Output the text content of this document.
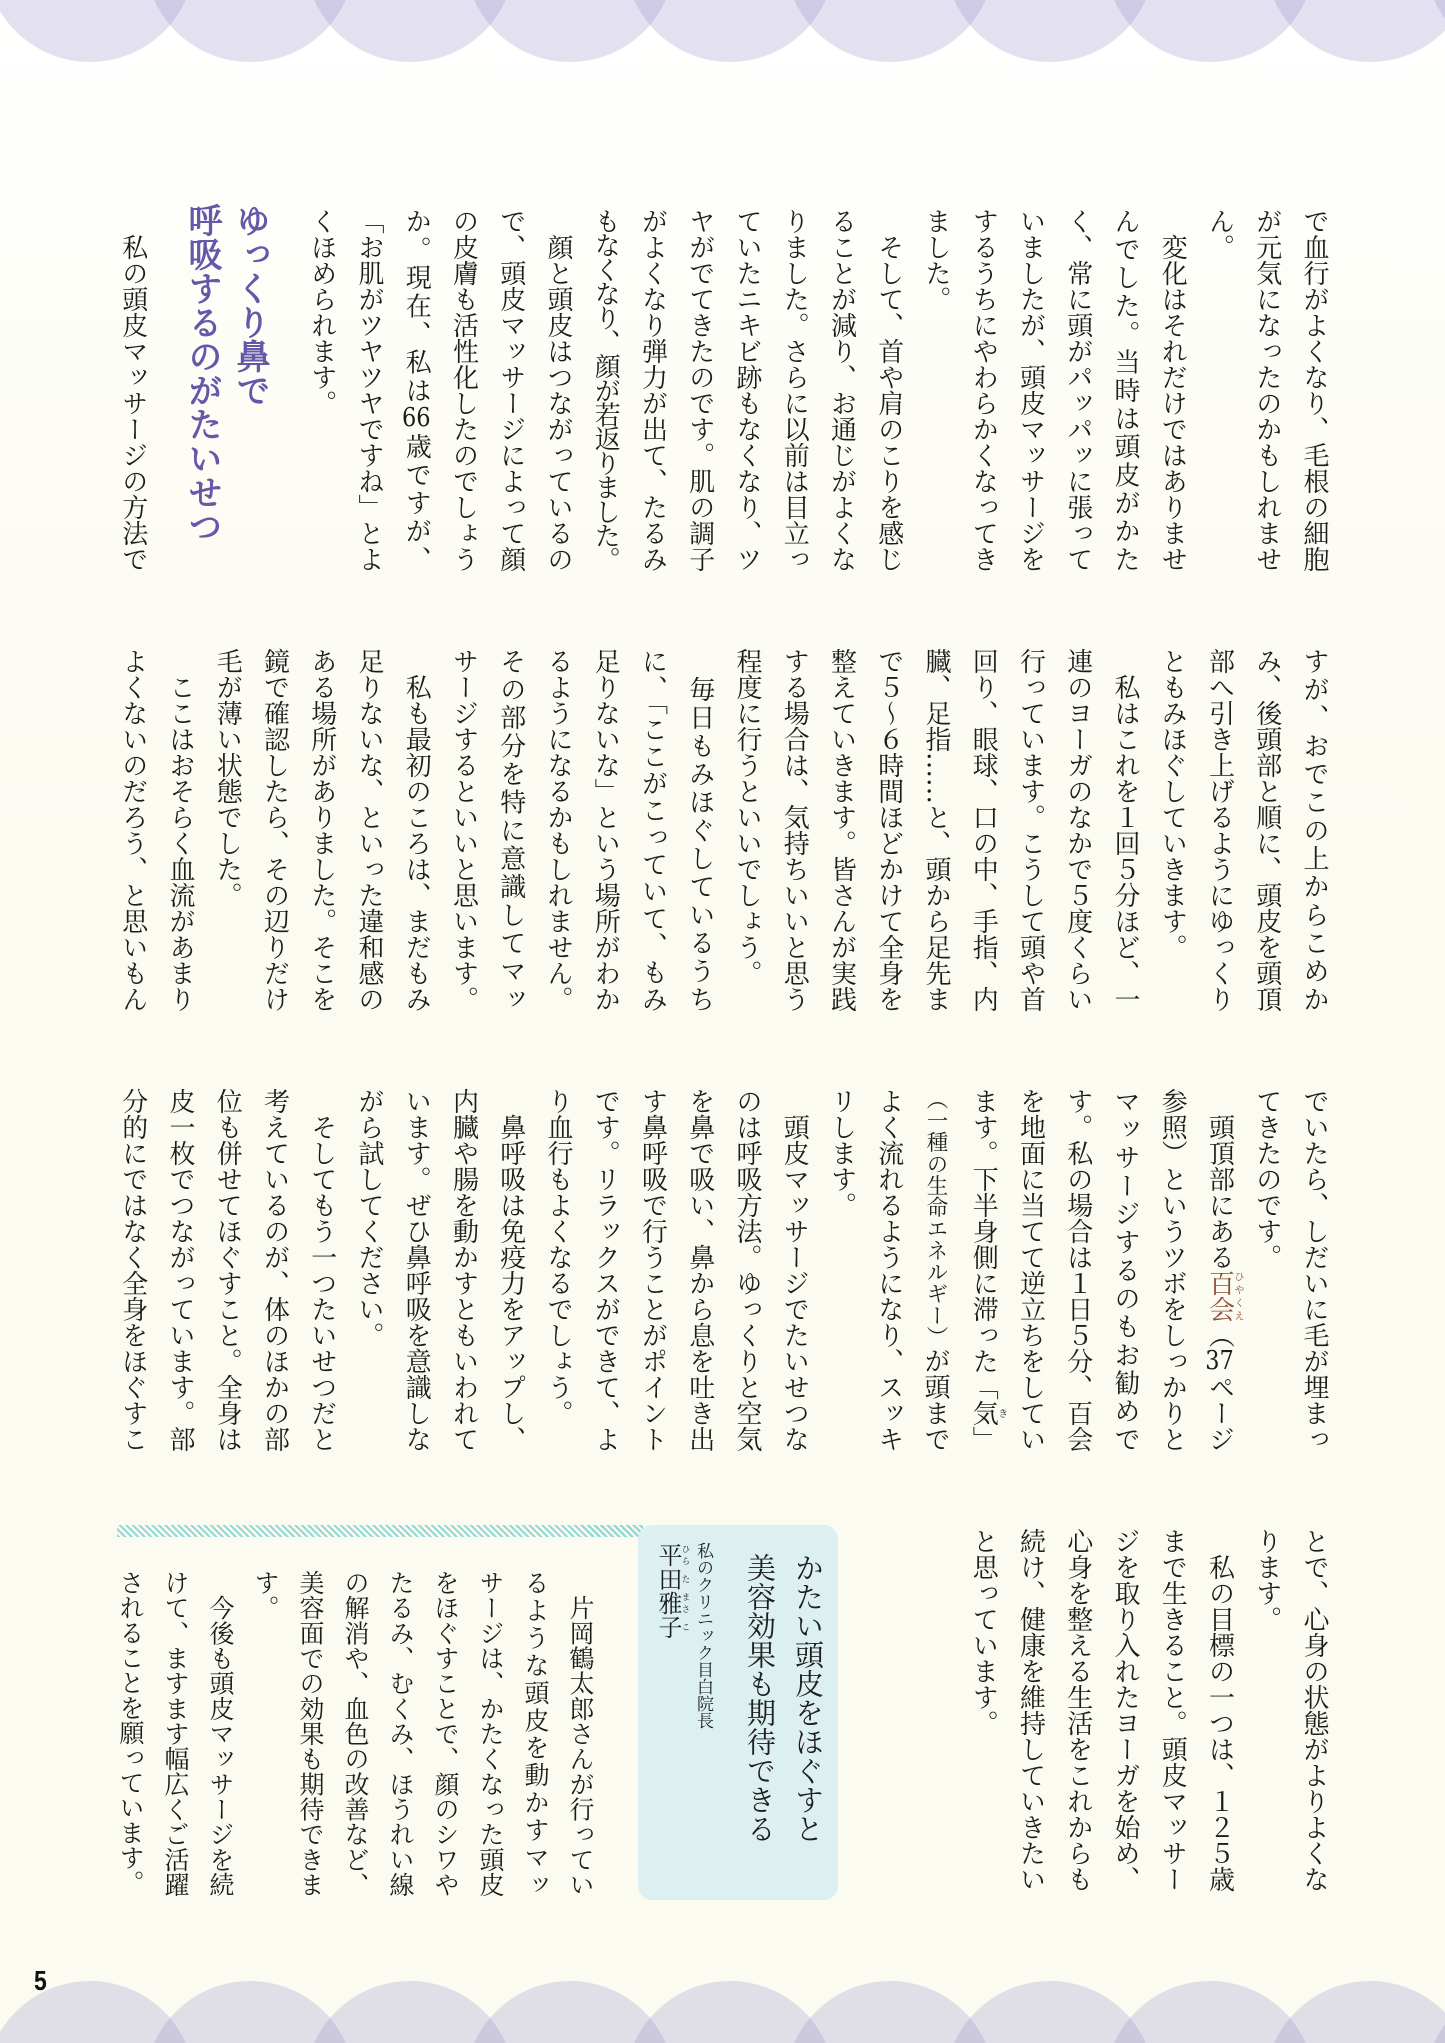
で血行がよくなり、毛根の細胞
が元気になったのかもしれませ
ん。
　変化はそれだけではありませ
んでした。当時は頭皮がかた
く、常に頭がパッパッに張って
いましたが、頭皮マッサージを
するうちにやわらかくなってき
ました。
　そして、首や肩のこりを感じ
ることが減り、お通じがよくな
りました。さらに以前は目立っ
ていたニキビ跡もなくなり、ツ
ヤがでてきたのです。肌の調子
がよくなり弾力が出て、たるみ
もなくなり、顔が若返りました。
　顔と頭皮はつながっているの
で、頭皮マッサージによって顔
の皮膚も活性化したのでしょう
か。現在、私は66歳ですが、
「お肌がツヤツヤですね」とよ
くほめられます。
ゆっくり鼻で
呼吸するのがたいせつ
　私の頭皮マッサージの方法で
すが、おでこの上からこめか
み、後頭部と順に、頭皮を頭頂
部へ引き上げるようにゆっくり
ともみほぐしていきます。
　私はこれを１回５分ほど、一
連のヨーガのなかで５度くらい
行っています。こうして頭や首
回り、眼球、口の中、手指、内
臓、足指……と、頭から足先ま
で５〜６時間ほどかけて全身を
整えていきます。皆さんが実践
する場合は、気持ちいいと思う
程度に行うといいでしょう。
　毎日もみほぐしているうち
に、「ここがこっていて、もみ
足りないな」という場所がわか
るようになるかもしれません。
その部分を特に意識してマッ
サージするといいと思います。
　私も最初のころは、まだもみ
足りないな、といった違和感の
ある場所がありました。そこを
鏡で確認したら、その辺りだけ
毛が薄い状態でした。
　ここはおそらく血流があまり
よくないのだろう、と思いもん
でいたら、しだいに毛が埋まっ
てきたのです。
　頭頂部にある百会ひやくえ（37ページ
参照）というツボをしっかりと
マッサージするのもお勧めで
す。私の場合は１日５分、百会
を地面に当てて逆立ちをしてい
ます。下半身側に滞った「気き」
（一種の生命エネルギー）が頭まで
よく流れるようになり、スッキ
リします。
　頭皮マッサージでたいせつな
のは呼吸方法。ゆっくりと空気
を鼻で吸い、鼻から息を吐き出
す鼻呼吸で行うことがポイント
です。リラックスができて、よ
り血行もよくなるでしょう。
　鼻呼吸は免疫力をアップし、
内臓や腸を動かすともいわれて
います。ぜひ鼻呼吸を意識しな
がら試してください。
　そしてもう一つたいせつだと
考えているのが、体のほかの部
位も併せてほぐすこと。全身は
皮一枚でつながっています。部
分的にではなく全身をほぐすこ
とで、心身の状態がよりよくな
ります。
　私の目標の一つは、１２５歳
まで生きること。頭皮マッサー
ジを取り入れたヨーガを始め、
心身を整える生活をこれからも
続け、健康を維持していきたい
と思っています。
かたい頭皮をほぐすと
美容効果も期待できる
私のクリニック目白院長
平ひら田た雅まさ子こ
　片岡鶴太郎さんが行ってい
るような頭皮を動かすマッ
サージは、かたくなった頭皮
をほぐすことで、顔のシワや
たるみ、むくみ、ほうれい線
の解消や、血色の改善など、
美容面での効果も期待できま
す。
　今後も頭皮マッサージを続
けて、ますます幅広くご活躍
されることを願っています。
5
